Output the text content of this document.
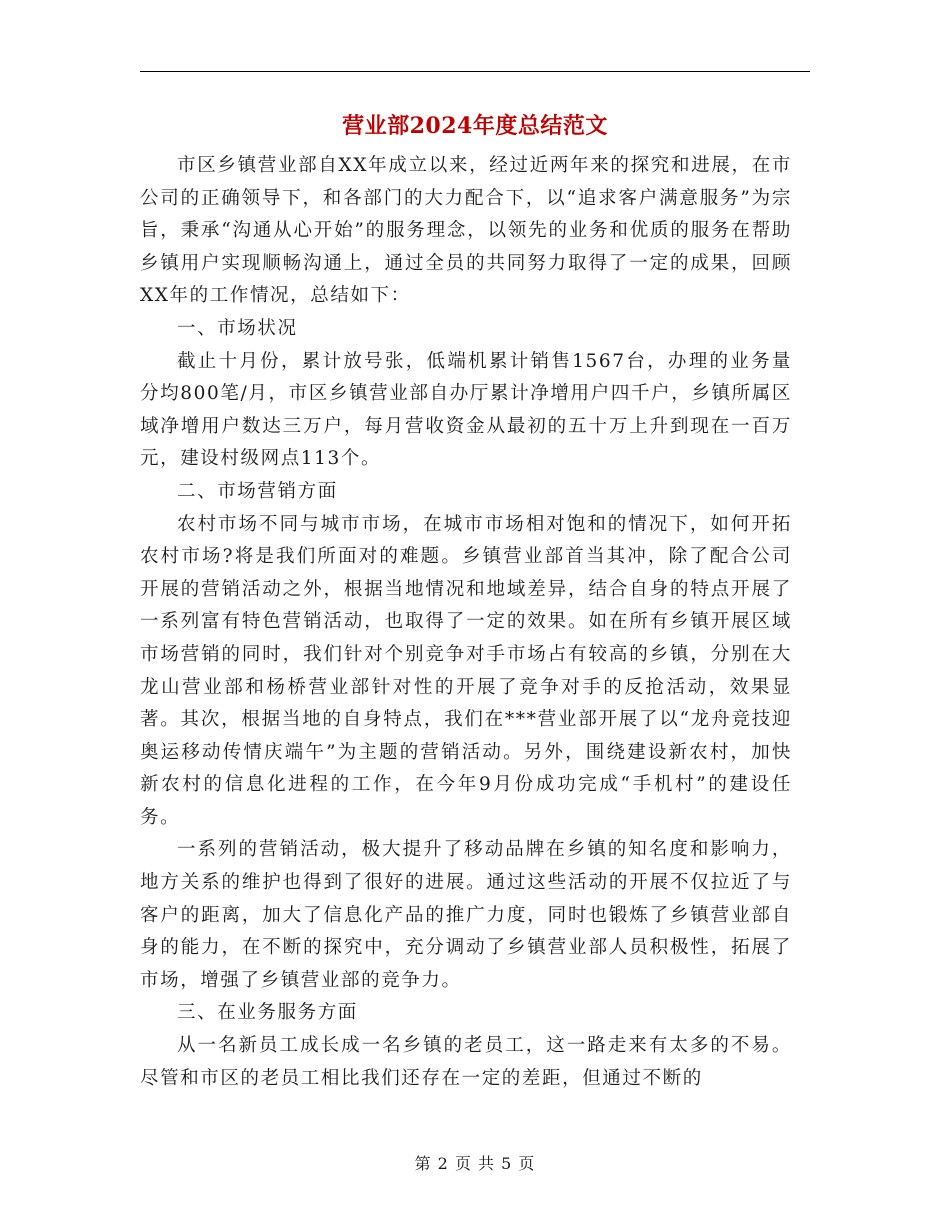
营业部2024年度总结范文

市区乡镇营业部自XX年成立以来，经过近两年来的探究和进展，在市公司的正确领导下，和各部门的大力配合下，以“追求客户满意服务”为宗旨，秉承“沟通从心开始”的服务理念，以领先的业务和优质的服务在帮助乡镇用户实现顺畅沟通上，通过全员的共同努力取得了一定的成果，回顾XX年的工作情况，总结如下：

一、市场状况

截止十月份，累计放号张，低端机累计销售1567台，办理的业务量分均800笔/月，市区乡镇营业部自办厅累计净增用户四千户，乡镇所属区域净增用户数达三万户，每月营收资金从最初的五十万上升到现在一百万元，建设村级网点113个。

二、市场营销方面

农村市场不同与城市市场，在城市市场相对饱和的情况下，如何开拓农村市场?将是我们所面对的难题。乡镇营业部首当其冲，除了配合公司开展的营销活动之外，根据当地情况和地域差异，结合自身的特点开展了一系列富有特色营销活动，也取得了一定的效果。如在所有乡镇开展区域市场营销的同时，我们针对个别竞争对手市场占有较高的乡镇，分别在大龙山营业部和杨桥营业部针对性的开展了竞争对手的反抢活动，效果显著。其次，根据当地的自身特点，我们在***营业部开展了以“龙舟竞技迎奥运移动传情庆端午”为主题的营销活动。另外，围绕建设新农村，加快新农村的信息化进程的工作，在今年9月份成功完成“手机村”的建设任务。

一系列的营销活动，极大提升了移动品牌在乡镇的知名度和影响力，地方关系的维护也得到了很好的进展。通过这些活动的开展不仅拉近了与客户的距离，加大了信息化产品的推广力度，同时也锻炼了乡镇营业部自身的能力，在不断的探究中，充分调动了乡镇营业部人员积极性，拓展了市场，增强了乡镇营业部的竞争力。

三、在业务服务方面

从一名新员工成长成一名乡镇的老员工，这一路走来有太多的不易。尽管和市区的老员工相比我们还存在一定的差距，但通过不断的

第 2 页 共 5 页
